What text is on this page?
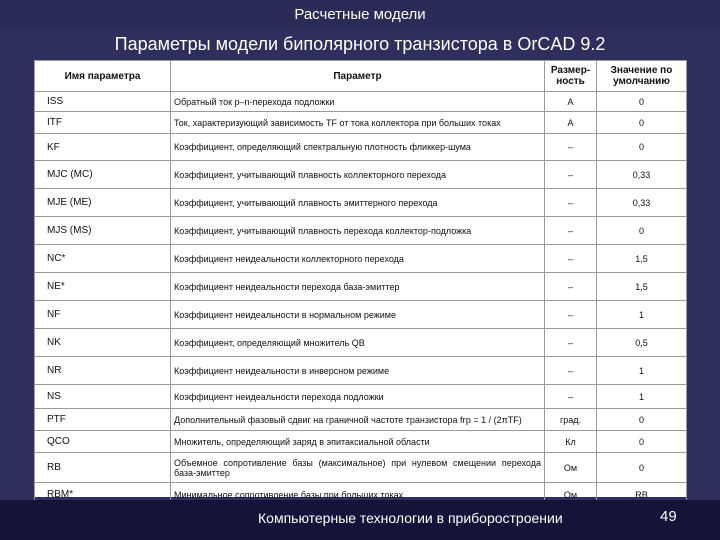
Расчетные модели
Параметры модели биполярного транзистора в OrCAD 9.2
Имя параметра	Параметр	Размер-ность	Значение по умолчанию
ISS	Обратный ток p–n-перехода подложки	А	0
ITF	Ток, характеризующий зависимость TF от тока коллектора при больших токах	А	0
KF	Коэффициент, определяющий спектральную плотность фликкер-шума	–	0
MJC (MC)	Коэффициент, учитывающий плавность коллекторного перехода	–	0,33
MJE (ME)	Коэффициент, учитывающий плавность эмиттерного перехода	–	0,33
MJS (MS)	Коэффициент, учитывающий плавность перехода коллектор-подложка	–	0
NC*	Коэффициент неидеальности коллекторного перехода	–	1,5
NE*	Коэффициент неидеальности перехода база-эмиттер	–	1,5
NF	Коэффициент неидеальности в нормальном режиме	–	1
NK	Коэффициент, определяющий множитель QB	–	0,5
NR	Коэффициент неидеальности в инверсном режиме	–	1
NS	Коэффициент неидеальности перехода подложки	–	1
PTF	Дополнительный фазовый сдвиг на граничной частоте транзистора fгр = 1 / (2πTF)	град.	0
QCO	Множитель, определяющий заряд в эпитаксиальной области	Кл	0
RB	Объемное сопротивление базы (максимальное) при нулевом смещении перехода база-эмиттер	Ом	0
RBM*	Минимальное сопротивление базы при больших токах	Ом	RB
Компьютерные технологии в приборостроении	49
